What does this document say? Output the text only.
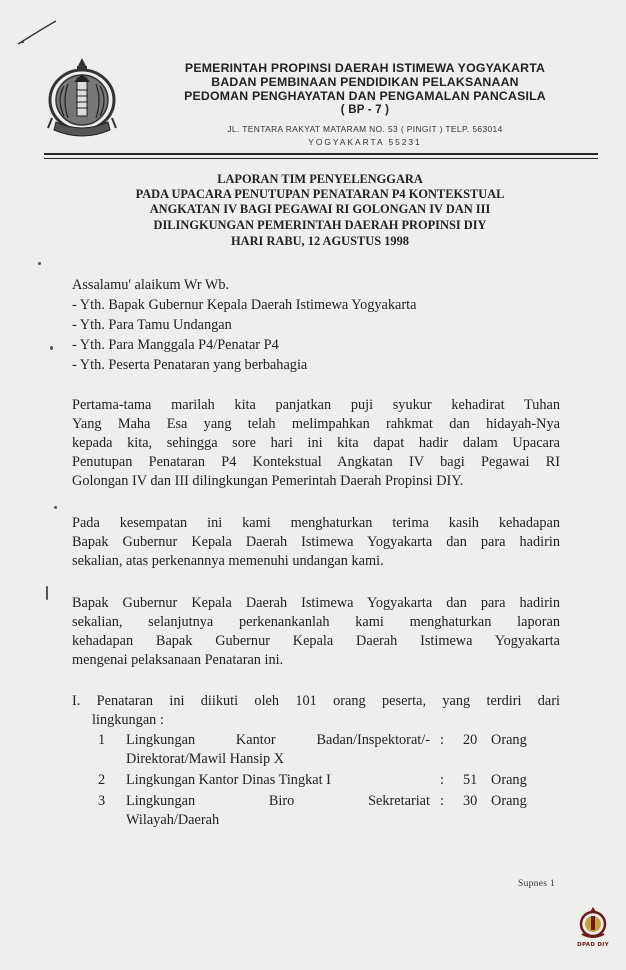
PEMERINTAH PROPINSI DAERAH ISTIMEWA YOGYAKARTA
BADAN PEMBINAAN PENDIDIKAN PELAKSANAAN
PEDOMAN PENGHAYATAN DAN PENGAMALAN PANCASILA
( BP - 7 )
JL. TENTARA RAKYAT MATARAM NO. 53 ( PINGIT ) TELP. 563014
YOGYAKARTA 55231
LAPORAN TIM PENYELENGGARA
PADA UPACARA PENUTUPAN PENATARAN P4 KONTEKSTUAL
ANGKATAN IV BAGI PEGAWAI RI GOLONGAN IV DAN III
DILINGKUNGAN PEMERINTAH DAERAH PROPINSI DIY
HARI RABU, 12 AGUSTUS 1998
Assalamu' alaikum Wr Wb.
- Yth. Bapak Gubernur Kepala Daerah Istimewa Yogyakarta
- Yth. Para Tamu Undangan
- Yth. Para Manggala P4/Penatar P4
- Yth. Peserta Penataran yang berbahagia
Pertama-tama marilah kita panjatkan puji syukur kehadirat Tuhan
Yang Maha Esa yang telah melimpahkan rahkmat dan hidayah-Nya
kepada kita, sehingga sore hari ini kita dapat hadir dalam Upacara
Penutupan Penataran P4 Kontekstual Angkatan IV bagi Pegawai RI
Golongan IV dan III dilingkungan Pemerintah Daerah Propinsi DIY.
Pada kesempatan ini kami menghaturkan terima kasih kehadapan
Bapak Gubernur Kepala Daerah Istimewa Yogyakarta dan para hadirin
sekalian, atas perkenannya memenuhi undangan kami.
Bapak Gubernur Kepala Daerah Istimewa Yogyakarta dan para hadirin
sekalian, selanjutnya perkenankanlah kami menghaturkan laporan
kehadapan Bapak Gubernur Kepala Daerah Istimewa Yogyakarta
mengenai pelaksanaan Penataran ini.
I. Penataran ini diikuti oleh 101 orang peserta, yang terdiri dari
lingkungan :
1 Lingkungan Kantor Badan/Inspektorat/-
Direktorat/Mawil Hansip X
: 20 Orang
2 Lingkungan Kantor Dinas Tingkat I	: 51 Orang
3 Lingkungan Biro Sekretariat
Wilayah/Daerah
: 30 Orang
Supnes 1
DPAD DIY
